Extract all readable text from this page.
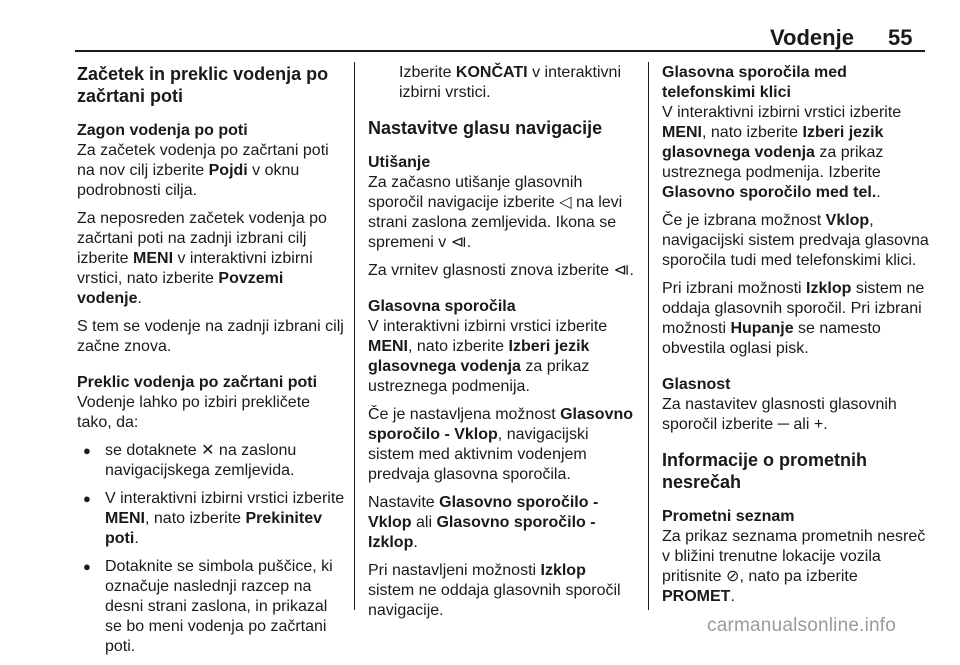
Vodenje 55
Začetek in preklic vodenja po začrtani poti
Zagon vodenja po poti

Za začetek vodenja po začrtani poti na nov cilj izberite Pojdi v oknu podrobnosti cilja.

Za neposreden začetek vodenja po začrtani poti na zadnji izbrani cilj izberite MENI v interaktivni izbirni vrstici, nato izberite Povzemi vodenje.

S tem se vodenje na zadnji izbrani cilj začne znova.

Preklic vodenja po začrtani poti

Vodenje lahko po izbiri prekličete tako, da:

● se dotaknete ✕ na zaslonu navigacijskega zemljevida.
● V interaktivni izbirni vrstici izberite MENI, nato izberite Prekinitev poti.
● Dotaknite se simbola puščice, ki označuje naslednji razcep na desni strani zaslona, in prikazal se bo meni vodenja po začrtani poti.

Izberite KONČATI v interaktivni izbirni vrstici.

Nastavitve glasu navigacije
Utišanje

Za začasno utišanje glasovnih sporočil navigacije izberite ◁ na levi strani zaslona zemljevida. Ikona se spremeni v ⧏.

Za vrnitev glasnosti znova izberite ⧏.

Glasovna sporočila

V interaktivni izbirni vrstici izberite MENI, nato izberite Izberi jezik glasovnega vodenja za prikaz ustreznega podmenija.

Če je nastavljena možnost Glasovno sporočilo - Vklop, navigacijski sistem med aktivnim vodenjem predvaja glasovna sporočila.

Nastavite Glasovno sporočilo - Vklop ali Glasovno sporočilo - Izklop.

Pri nastavljeni možnosti Izklop sistem ne oddaja glasovnih sporočil navigacije.

Glasovna sporočila med telefonskimi klici

V interaktivni izbirni vrstici izberite MENI, nato izberite Izberi jezik glasovnega vodenja za prikaz ustreznega podmenija. Izberite Glasovno sporočilo med tel..

Če je izbrana možnost Vklop, navigacijski sistem predvaja glasovna sporočila tudi med telefonskimi klici.

Pri izbrani možnosti Izklop sistem ne oddaja glasovnih sporočil. Pri izbrani možnosti Hupanje se namesto obvestila oglasi pisk.

Glasnost

Za nastavitev glasnosti glasovnih sporočil izberite ─ ali +.

Informacije o prometnih nesrečah
Prometni seznam

Za prikaz seznama prometnih nesreč v bližini trenutne lokacije vozila pritisnite ⊘, nato pa izberite PROMET.

carmanualsonline.info
